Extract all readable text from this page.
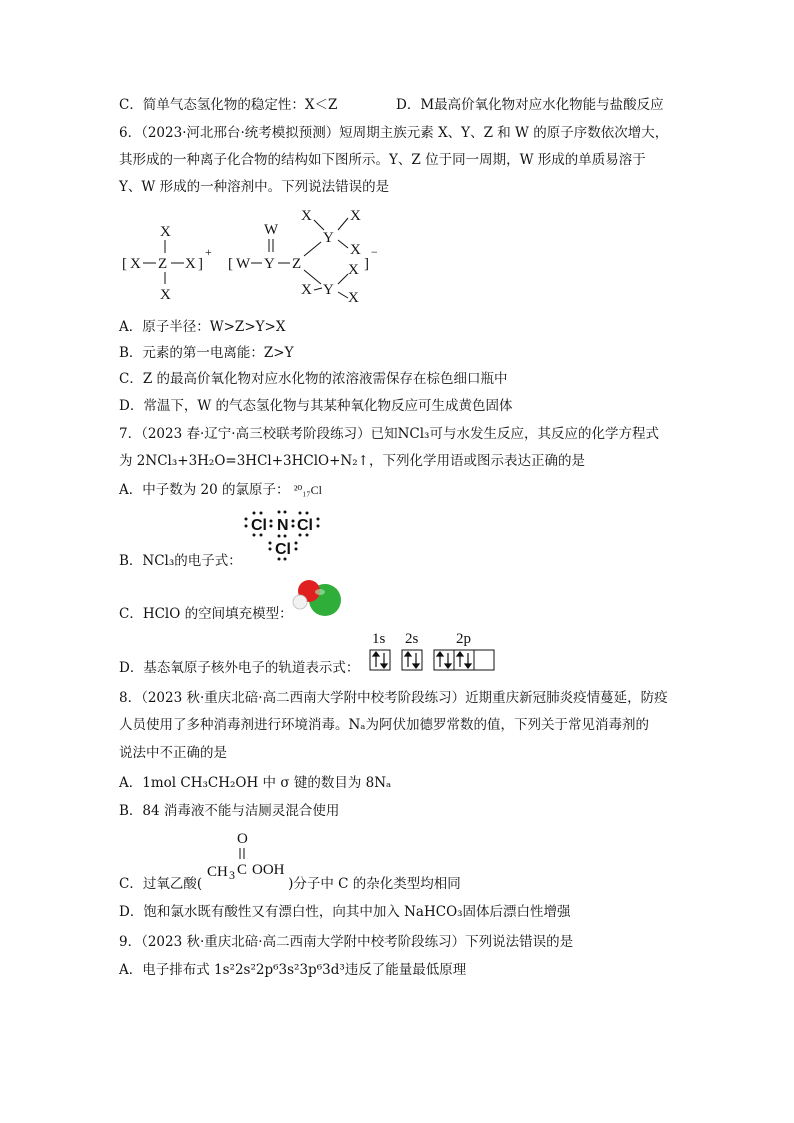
C．简单气态氢化物的稳定性：X＜Z	D．M最高价氧化物对应水化物能与盐酸反应
6．（2023·河北邢台·统考模拟预测）短周期主族元素 X、Y、Z 和 W 的原子序数依次增大，
其形成的一种离子化合物的结构如下图所示。Y、Z 位于同一周期，W 形成的单质易溶于
Y、W 形成的一种溶剂中。下列说法错误的是
[ X Z X
X
X
]
+
[ W Y
W
Z
Y
X	X
X
Y
X
X X
]
−
A．原子半径：W>Z>Y>X
B．元素的第一电离能：Z>Y
C．Z 的最高价氧化物对应水化物的浓溶液需保存在棕色细口瓶中
D．常温下，W 的气态氢化物与其某种氧化物反应可生成黄色固体
7．（2023 春·辽宁·高三校联考阶段练习）已知NCl₃可与水发生反应，其反应的化学方程式
为 2NCl₃+3H₂O=3HCl+3HClO+N₂↑，下列化学用语或图示表达正确的是
A．中子数为 20 的氯原子： ²⁰₁₇Cl
B．NCl₃的电子式：
Cl N Cl
Cl
C．HClO 的空间填充模型：
D．基态氧原子核外电子的轨道表示式：
1s 2s	2p
8．（2023 秋·重庆北碚·高二西南大学附中校考阶段练习）近期重庆新冠肺炎疫情蔓延，防疫
人员使用了多种消毒剂进行环境消毒。Nₐ为阿伏加德罗常数的值，下列关于常见消毒剂的
说法中不正确的是
A．1mol CH₃CH₂OH 中 σ 键的数目为 8Nₐ
B．84 消毒液不能与洁厕灵混合使用
C．过氧乙酸(	)分子中 C 的杂化类型均相同
O
CH 3 C OOH
D．饱和氯水既有酸性又有漂白性，向其中加入 NaHCO₃固体后漂白性增强
9．（2023 秋·重庆北碚·高二西南大学附中校考阶段练习）下列说法错误的是
A．电子排布式 1s²2s²2p⁶3s²3p⁶3d³违反了能量最低原理
